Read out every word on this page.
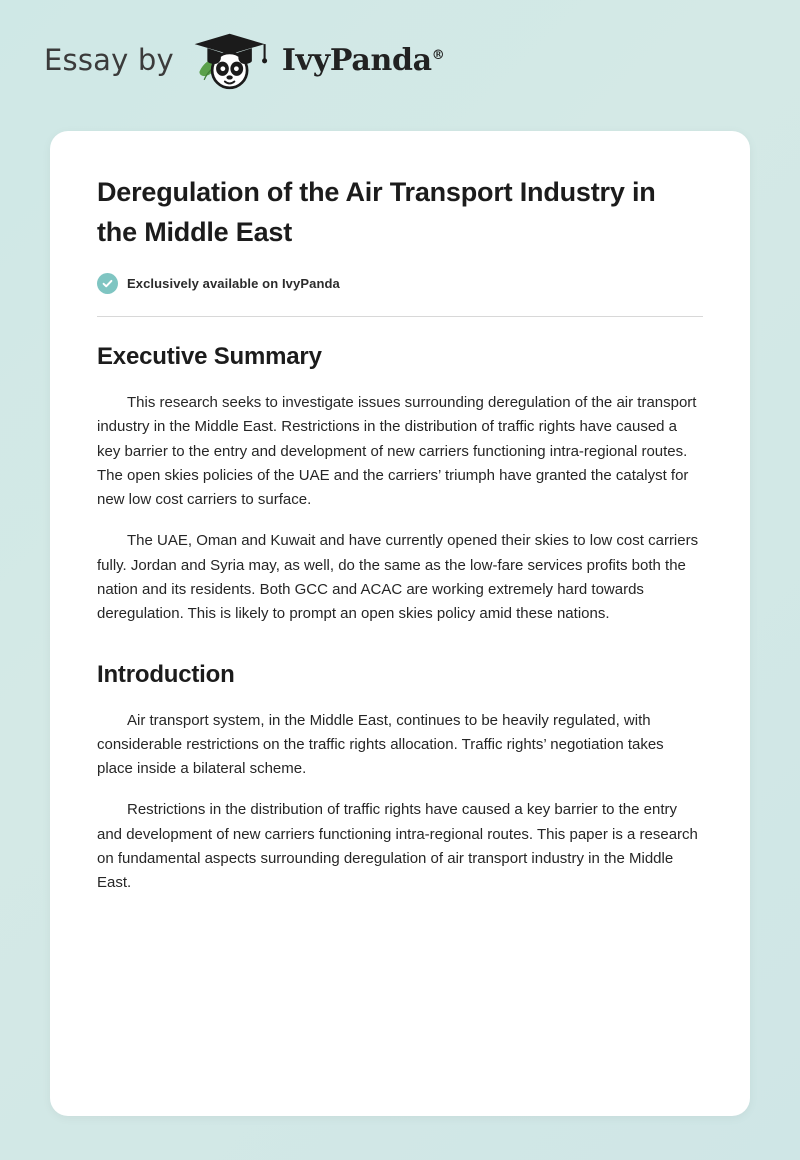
Essay by	IvyPanda®
Deregulation of the Air Transport Industry in the Middle East
Exclusively available on IvyPanda
Executive Summary

This research seeks to investigate issues surrounding deregulation of the air transport industry in the Middle East. Restrictions in the distribution of traffic rights have caused a key barrier to the entry and development of new carriers functioning intra-regional routes. The open skies policies of the UAE and the carriers’ triumph have granted the catalyst for new low cost carriers to surface.

The UAE, Oman and Kuwait and have currently opened their skies to low cost carriers fully. Jordan and Syria may, as well, do the same as the low-fare services profits both the nation and its residents. Both GCC and ACAC are working extremely hard towards deregulation. This is likely to prompt an open skies policy amid these nations.

Introduction

Air transport system, in the Middle East, continues to be heavily regulated, with considerable restrictions on the traffic rights allocation. Traffic rights’ negotiation takes place inside a bilateral scheme.

Restrictions in the distribution of traffic rights have caused a key barrier to the entry and development of new carriers functioning intra-regional routes. This paper is a research on fundamental aspects surrounding deregulation of air transport industry in the Middle East.
